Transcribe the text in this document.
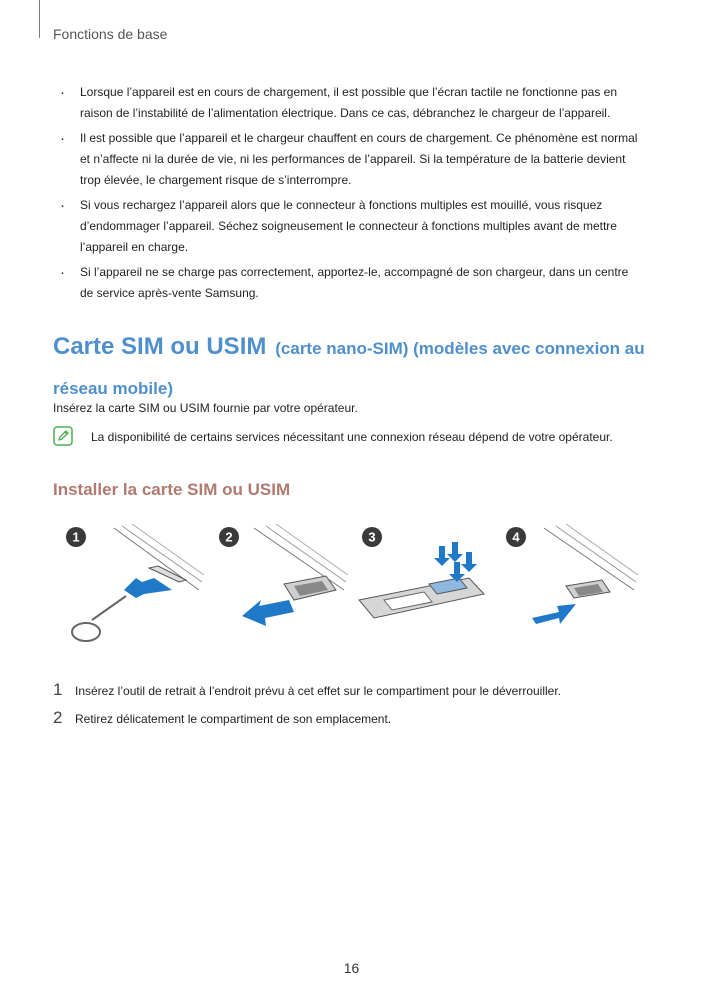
Fonctions de base
· Lorsque l’appareil est en cours de chargement, il est possible que l’écran tactile ne fonctionne pas en raison de l’instabilité de l’alimentation électrique. Dans ce cas, débranchez le chargeur de l’appareil.
· Il est possible que l’appareil et le chargeur chauffent en cours de chargement. Ce phénomène est normal et n’affecte ni la durée de vie, ni les performances de l’appareil. Si la température de la batterie devient trop élevée, le chargement risque de s’interrompre.
· Si vous rechargez l’appareil alors que le connecteur à fonctions multiples est mouillé, vous risquez d’endommager l’appareil. Séchez soigneusement le connecteur à fonctions multiples avant de mettre l’appareil en charge.
· Si l’appareil ne se charge pas correctement, apportez-le, accompagné de son chargeur, dans un centre de service après-vente Samsung.
Carte SIM ou USIM (carte nano-SIM) (modèles avec connexion au réseau mobile)
Insérez la carte SIM ou USIM fournie par votre opérateur.
La disponibilité de certains services nécessitant une connexion réseau dépend de votre opérateur.
Installer la carte SIM ou USIM
1	2	3	4
1 Insérez l’outil de retrait à l’endroit prévu à cet effet sur le compartiment pour le déverrouiller.
2 Retirez délicatement le compartiment de son emplacement.
16
